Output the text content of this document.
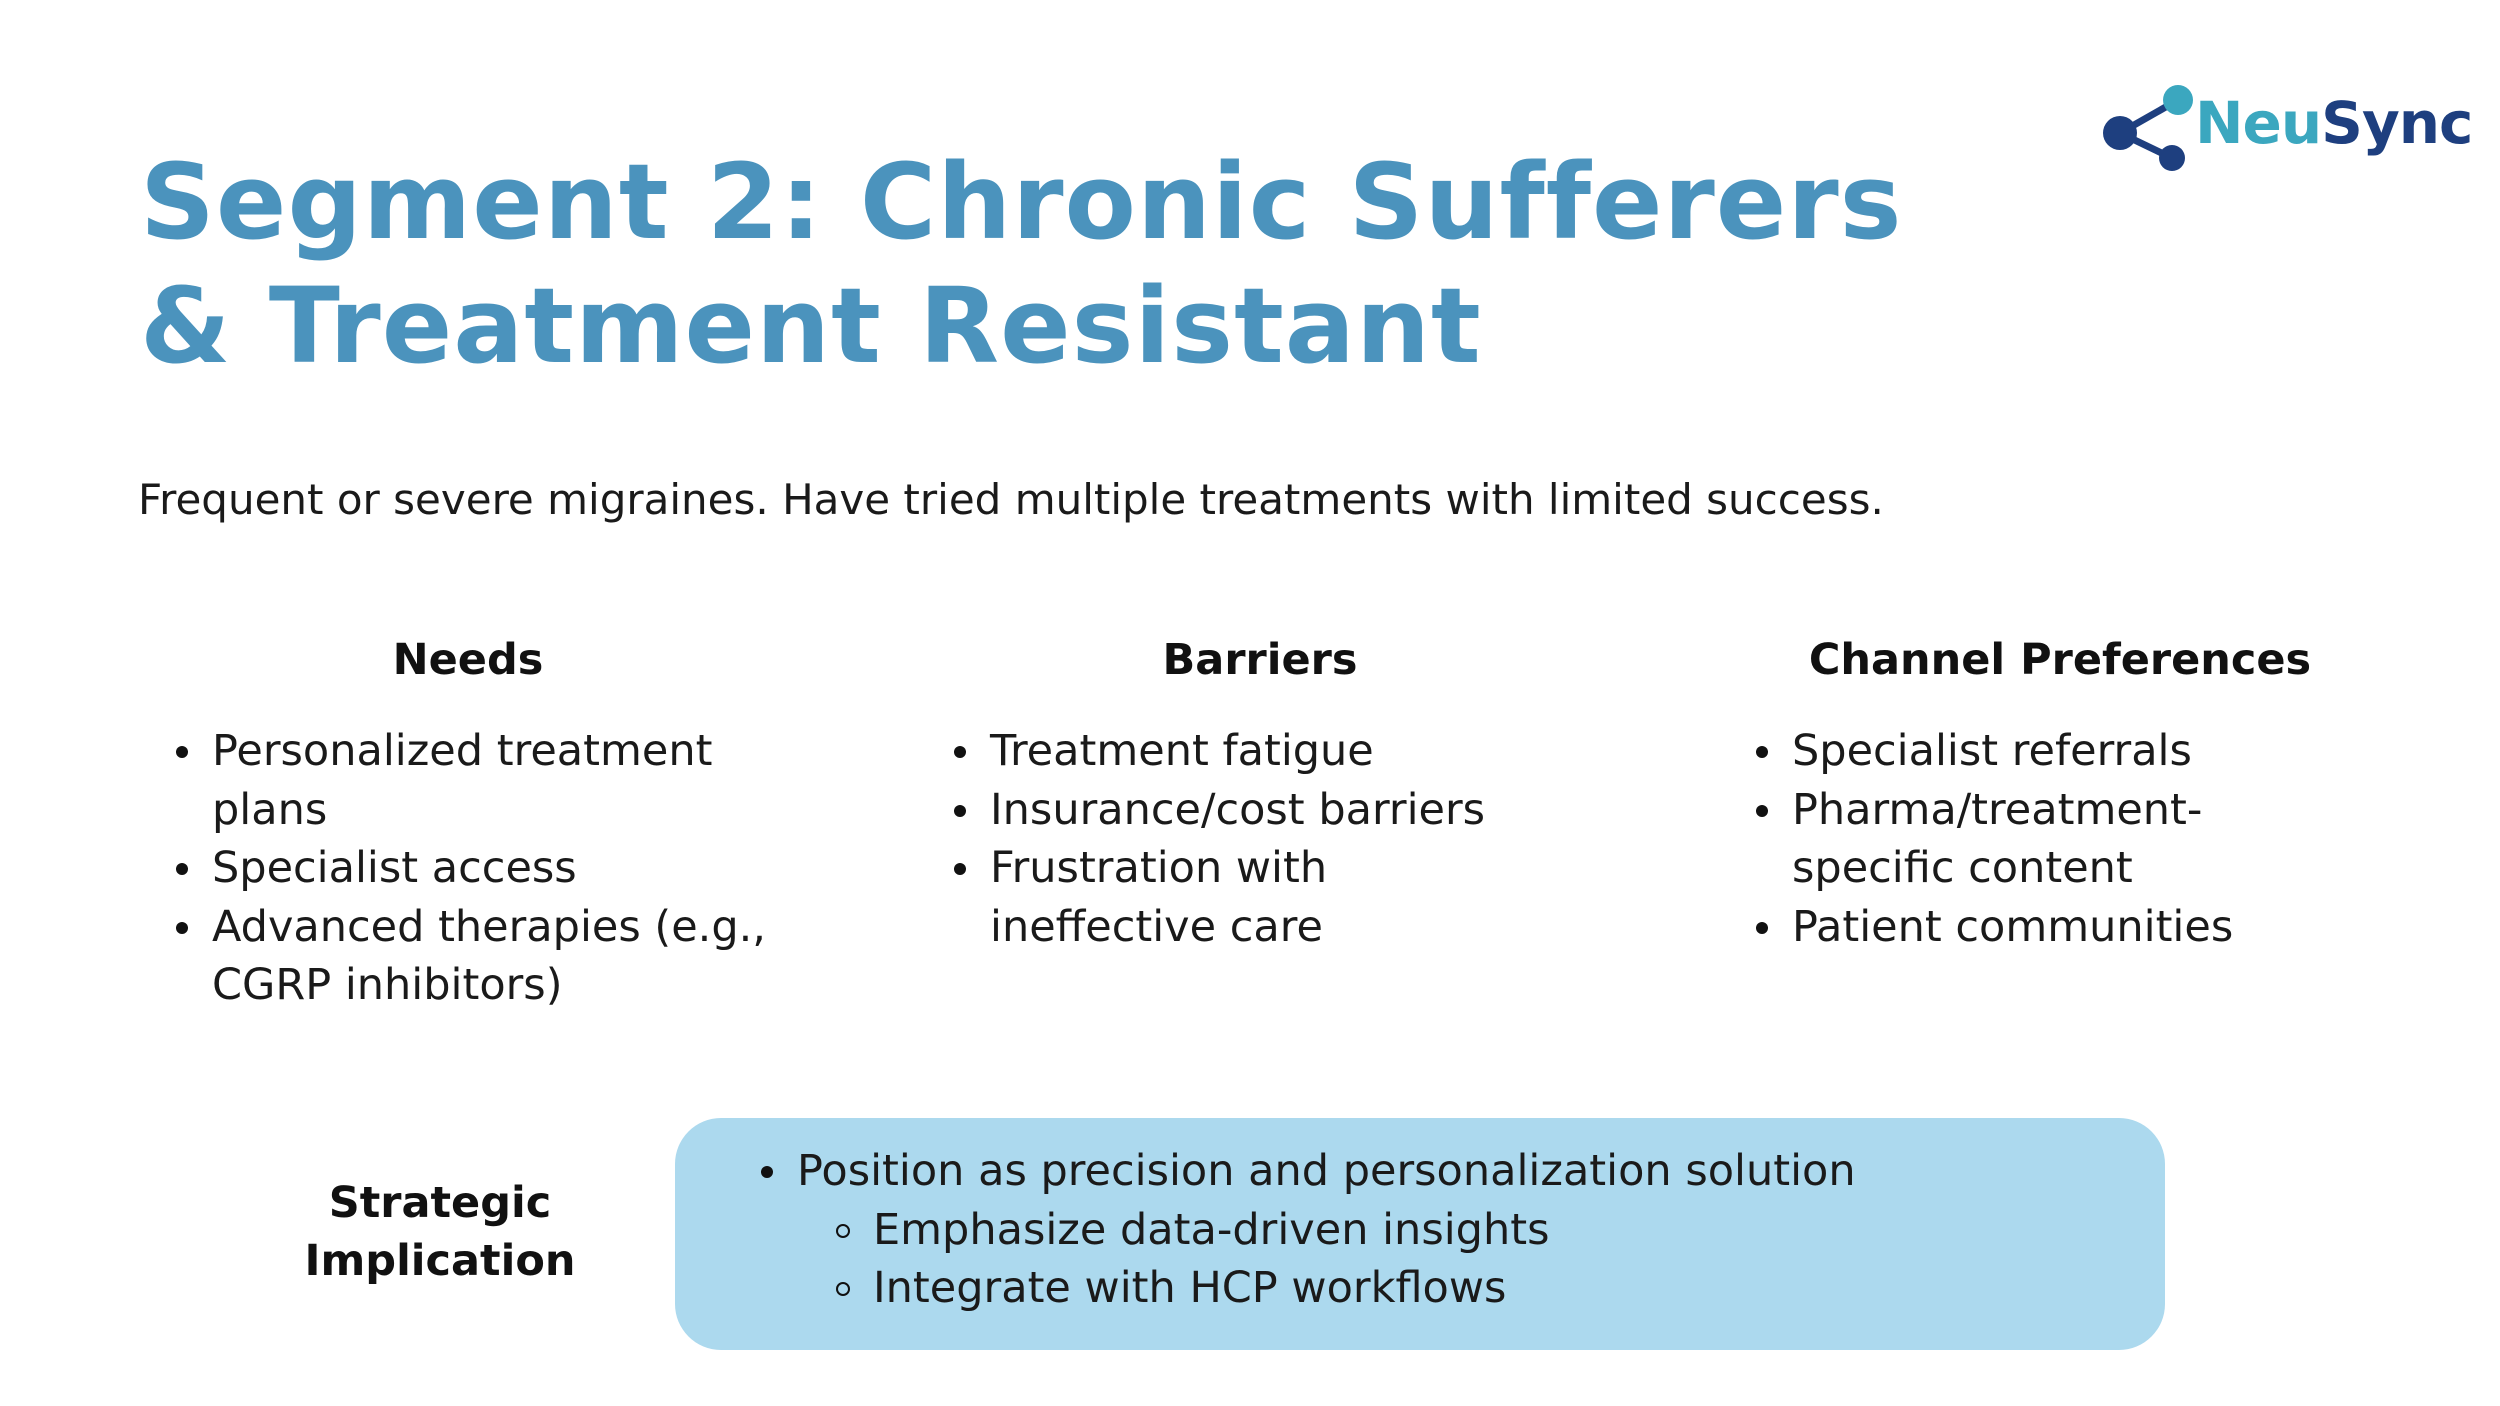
NeuSync
Segment 2: Chronic Sufferers
& Treatment Resistant
Frequent or severe migraines. Have tried multiple treatments with limited success.
Needs
Personalized treatment plans
Specialist access
Advanced therapies (e.g., CGRP inhibitors)
Barriers
Treatment fatigue
Insurance/cost barriers
Frustration with ineffective care
Channel Preferences
Specialist referrals
Pharma/treatment-specific content
Patient communities
Strategic Implication
Position as precision and personalization solution
Emphasize data-driven insights
Integrate with HCP workflows
